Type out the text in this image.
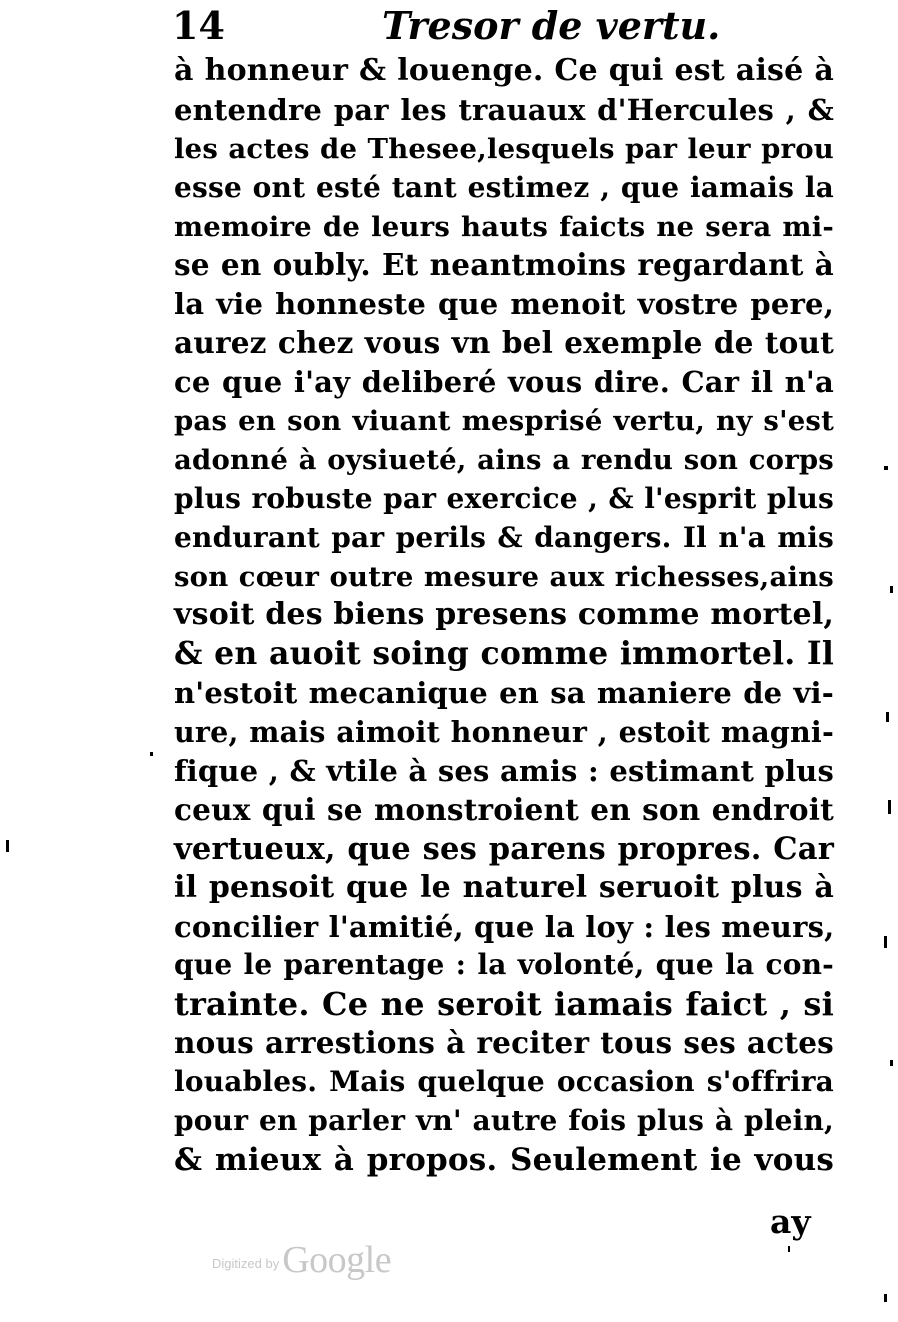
14	Tresor de vertu.
à honneur & louenge. Ce qui est aisé à
entendre par les trauaux d'Hercules , &
les actes de Thesee,lesquels par leur prou
esse ont esté tant estimez , que iamais la
memoire de leurs hauts faicts ne sera mi-
se en oubly. Et neantmoins regardant à
la vie honneste que menoit vostre pere,
aurez chez vous vn bel exemple de tout
ce que i'ay deliberé vous dire. Car il n'a
pas en son viuant mesprisé vertu, ny s'est
adonné à oysiueté, ains a rendu son corps
plus robuste par exercice , & l'esprit plus
endurant par perils & dangers. Il n'a mis
son cœur outre mesure aux richesses,ains
vsoit des biens presens comme mortel,
& en auoit soing comme immortel. Il
n'estoit mecanique en sa maniere de vi-
ure, mais aimoit honneur , estoit magni-
fique , & vtile à ses amis : estimant plus
ceux qui se monstroient en son endroit
vertueux, que ses parens propres. Car
il pensoit que le naturel seruoit plus à
concilier l'amitié, que la loy : les meurs,
que le parentage : la volonté, que la con-
trainte. Ce ne seroit iamais faict , si
nous arrestions à reciter tous ses actes
louables. Mais quelque occasion s'offrira
pour en parler vn' autre fois plus à plein,
& mieux à propos. Seulement ie vous
ay
$^{Digitized by}$Google
